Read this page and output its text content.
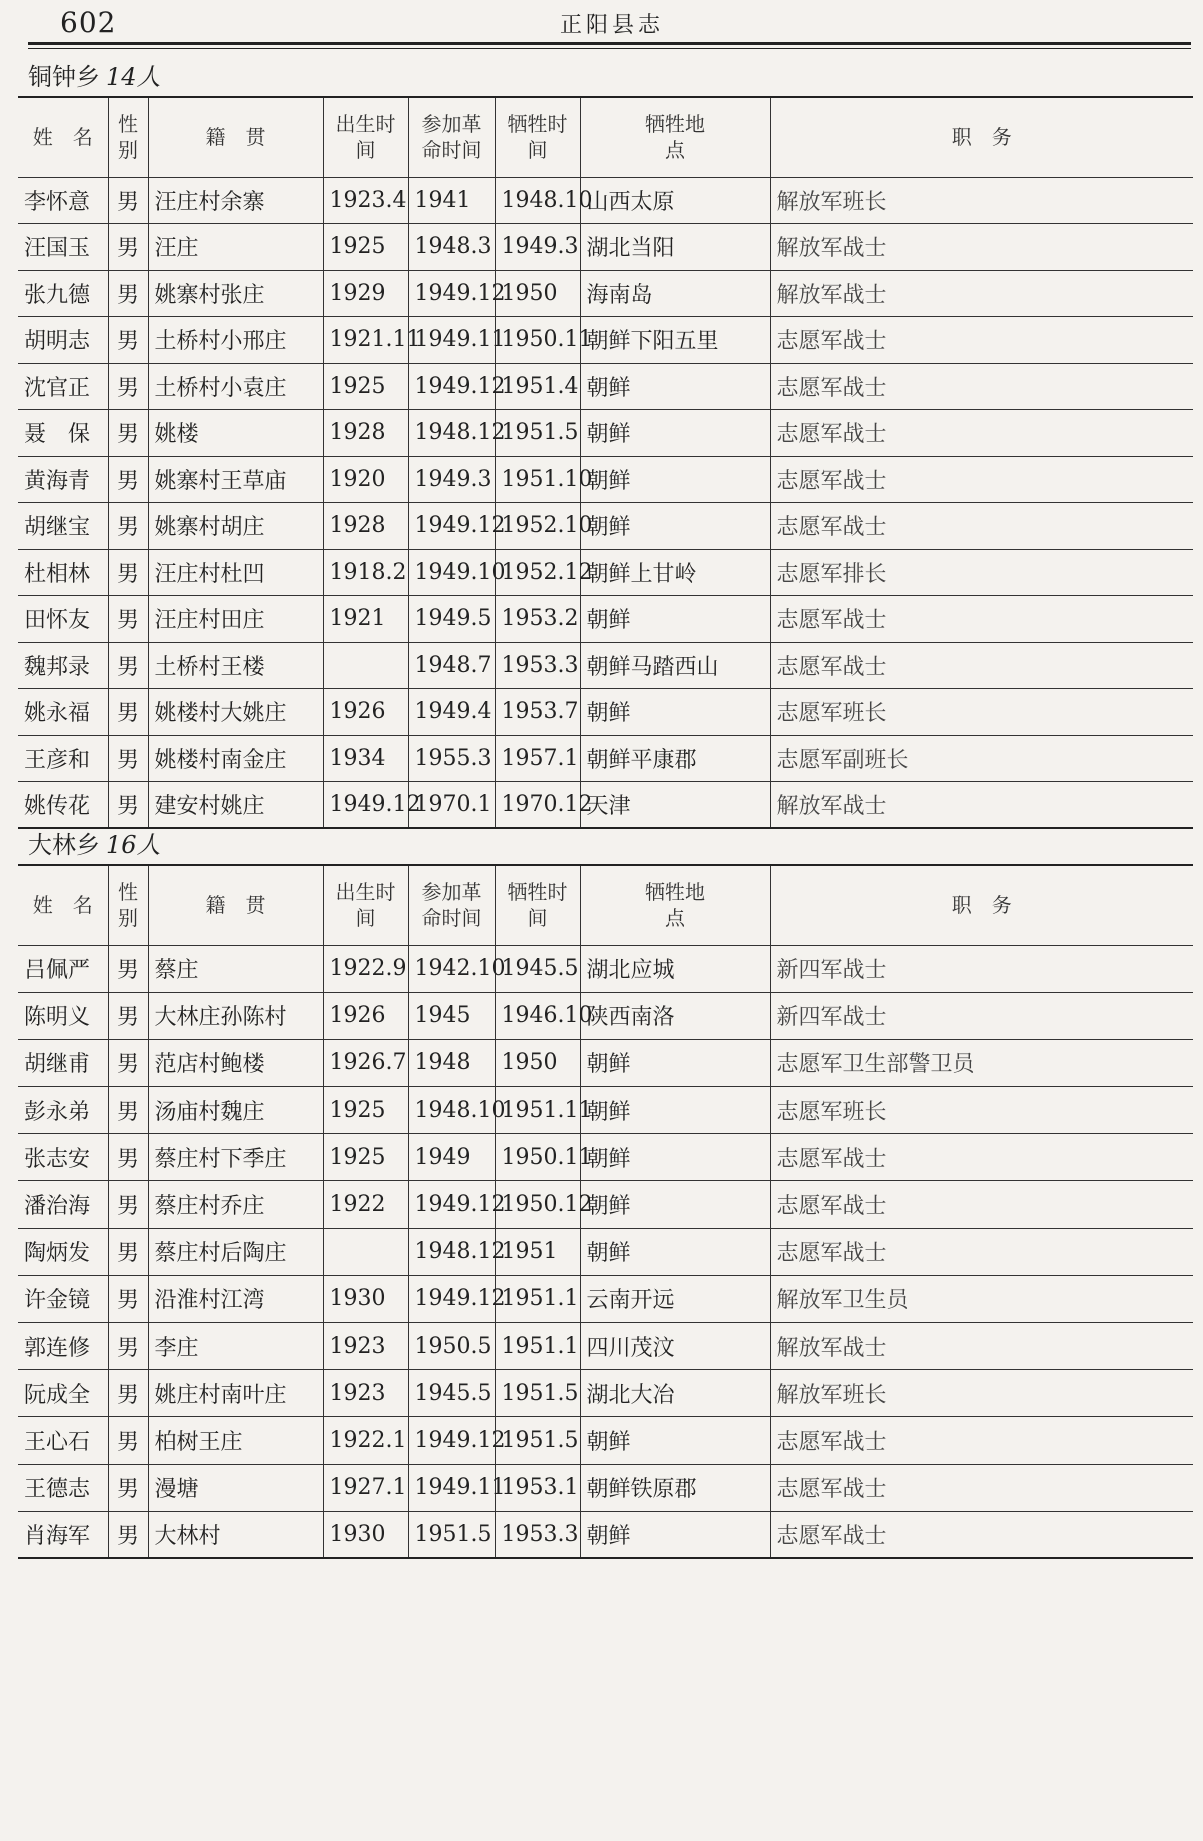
602	正阳县志
铜钟乡 14人
姓　名	性别	籍　贯	出生时间	参加革命时间	牺牲时间	牺牲地点	职　务
李怀意	男	汪庄村余寨	1923.4	1941	1948.10	山西太原	解放军班长
汪国玉	男	汪庄	1925	1948.3	1949.3	湖北当阳	解放军战士
张九德	男	姚寨村张庄	1929	1949.12	1950	海南岛	解放军战士
胡明志	男	土桥村小邢庄	1921.11	1949.11	1950.11	朝鲜下阳五里	志愿军战士
沈官正	男	土桥村小袁庄	1925	1949.12	1951.4	朝鲜	志愿军战士
聂　保	男	姚楼	1928	1948.12	1951.5	朝鲜	志愿军战士
黄海青	男	姚寨村王草庙	1920	1949.3	1951.10	朝鲜	志愿军战士
胡继宝	男	姚寨村胡庄	1928	1949.12	1952.10	朝鲜	志愿军战士
杜相林	男	汪庄村杜凹	1918.2	1949.10	1952.12	朝鲜上甘岭	志愿军排长
田怀友	男	汪庄村田庄	1921	1949.5	1953.2	朝鲜	志愿军战士
魏邦录	男	土桥村王楼		1948.7	1953.3	朝鲜马踏西山	志愿军战士
姚永福	男	姚楼村大姚庄	1926	1949.4	1953.7	朝鲜	志愿军班长
王彦和	男	姚楼村南金庄	1934	1955.3	1957.1	朝鲜平康郡	志愿军副班长
姚传花	男	建安村姚庄	1949.12	1970.1	1970.12	天津	解放军战士
大林乡 16人
姓　名	性别	籍　贯	出生时间	参加革命时间	牺牲时间	牺牲地点	职　务
吕佩严	男	蔡庄	1922.9	1942.10	1945.5	湖北应城	新四军战士
陈明义	男	大林庄孙陈村	1926	1945	1946.10	陕西南洛	新四军战士
胡继甫	男	范店村鲍楼	1926.7	1948	1950	朝鲜	志愿军卫生部警卫员
彭永弟	男	汤庙村魏庄	1925	1948.10	1951.11	朝鲜	志愿军班长
张志安	男	蔡庄村下季庄	1925	1949	1950.11	朝鲜	志愿军战士
潘治海	男	蔡庄村乔庄	1922	1949.12	1950.12	朝鲜	志愿军战士
陶炳发	男	蔡庄村后陶庄		1948.12	1951	朝鲜	志愿军战士
许金镜	男	沿淮村江湾	1930	1949.12	1951.1	云南开远	解放军卫生员
郭连修	男	李庄	1923	1950.5	1951.1	四川茂汶	解放军战士
阮成全	男	姚庄村南叶庄	1923	1945.5	1951.5	湖北大冶	解放军班长
王心石	男	柏树王庄	1922.1	1949.12	1951.5	朝鲜	志愿军战士
王德志	男	漫塘	1927.1	1949.11	1953.1	朝鲜铁原郡	志愿军战士
肖海军	男	大林村	1930	1951.5	1953.3	朝鲜	志愿军战士
